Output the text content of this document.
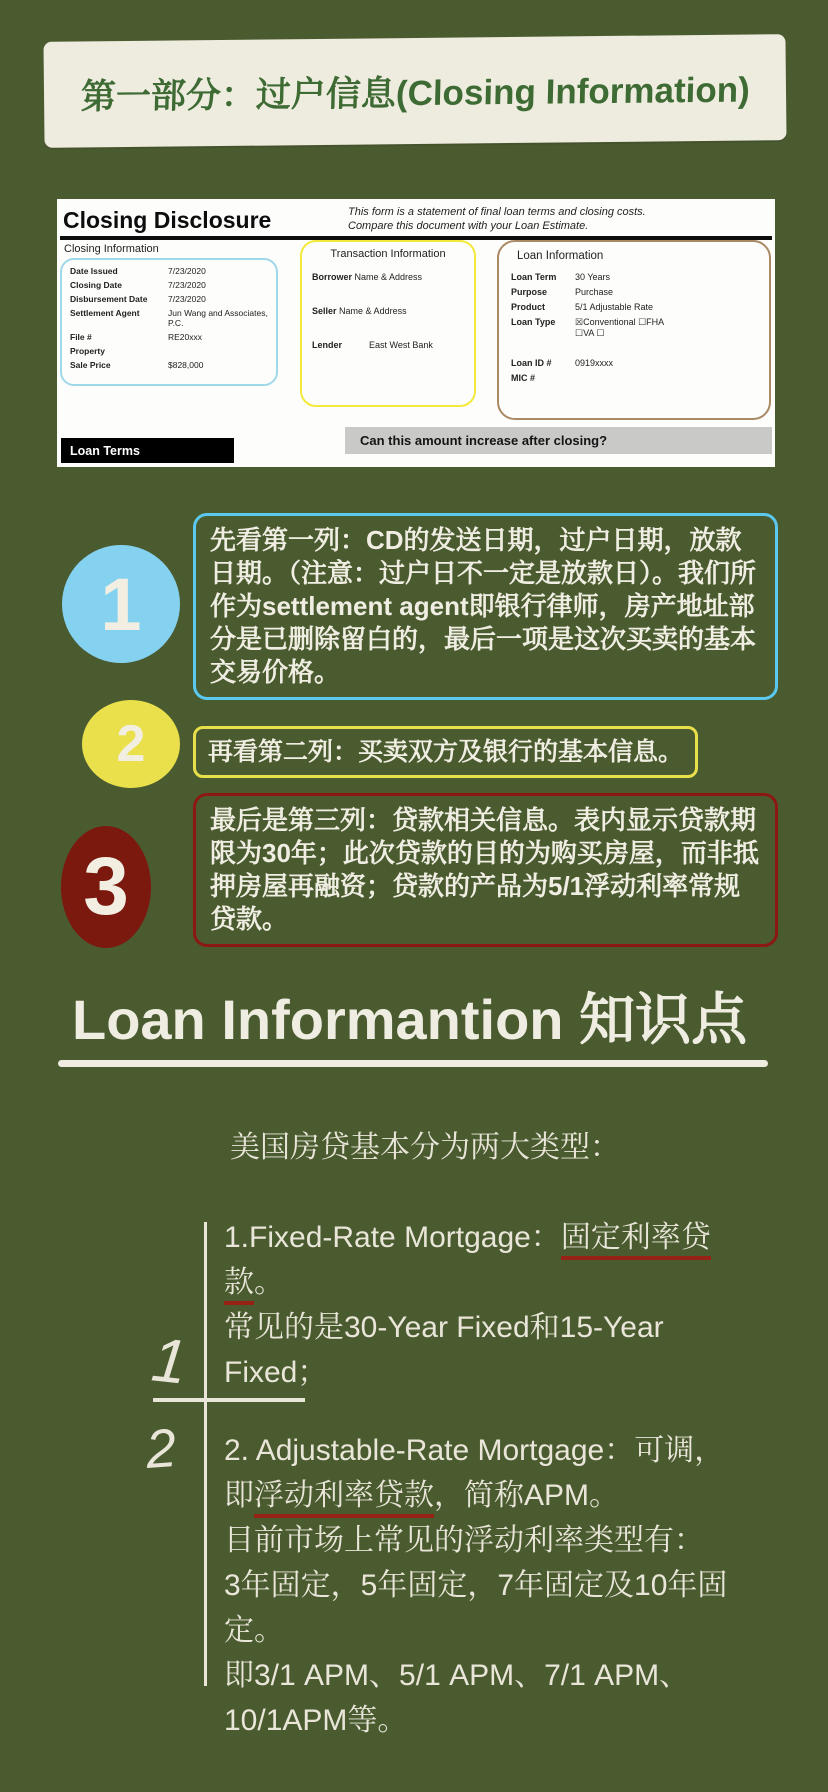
第一部分：过户信息(Closing Information)
Closing Disclosure	This form is a statement of final loan terms and closing costs.
Compare this document with your Loan Estimate.
Closing Information
Date Issued	7/23/2020
Closing Date	7/23/2020
Disbursement Date	7/23/2020
Settlement Agent	Jun Wang and Associates, P.C.
File #	RE20xxx
Property
Sale Price	$828,000
Transaction Information
Borrower Name & Address
Seller Name & Address
Lender	East West Bank
Loan Information
Loan Term	30 Years
Purpose	Purchase
Product	5/1 Adjustable Rate
Loan Type	☒Conventional ☐FHA
☐VA ☐
Loan ID #	0919xxxx
MIC #
Loan Terms
Can this amount increase after closing?
1
先看第一列：CD的发送日期，过户日期，放款日期。（注意：过户日不一定是放款日）。我们所作为settlement agent即银行律师，房产地址部分是已删除留白的，最后一项是这次买卖的基本交易价格。
2	再看第二列：买卖双方及银行的基本信息。
3
最后是第三列：贷款相关信息。表内显示贷款期限为30年；此次贷款的目的为购买房屋，而非抵押房屋再融资；贷款的产品为5/1浮动利率常规贷款。
Loan Informantion 知识点
美国房贷基本分为两大类型：
1
2
1.Fixed-Rate Mortgage：固定利率贷
款。
常见的是30-Year Fixed和15-Year
Fixed；
2. Adjustable-Rate Mortgage：可调，
即浮动利率贷款，简称APM。
目前市场上常见的浮动利率类型有：
3年固定，5年固定，7年固定及10年固
定。
即3/1 APM、5/1 APM、7/1 APM、
10/1APM等。
